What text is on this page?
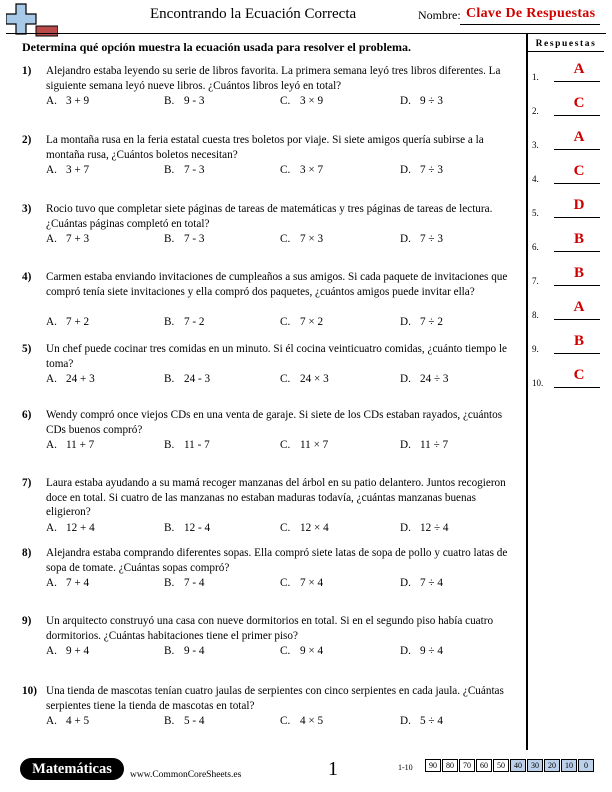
Encontrando la Ecuación Correcta	Nombre: Clave De Respuestas
Determina qué opción muestra la ecuación usada para resolver el problema.	Respuestas
1.	A
2.	C
3.	A
4.	C
5.	D
6.	B
7.	B
8.	A
9.	B
10.	C
1) Alejandro estaba leyendo su serie de libros favorita. La primera semana leyó tres libros diferentes. La siguiente semana leyó nueve libros. ¿Cuántos libros leyó en total?
A. 3 + 9	B. 9 - 3	C. 3 × 9	D. 9 ÷ 3
2) La montaña rusa en la feria estatal cuesta tres boletos por viaje. Si siete amigos quería subirse a la montaña rusa, ¿Cuántos boletos necesitan?
A. 3 + 7	B. 7 - 3	C. 3 × 7	D. 7 ÷ 3
3) Rocio tuvo que completar siete páginas de tareas de matemáticas y tres páginas de tareas de lectura. ¿Cuántas páginas completó en total?
A. 7 + 3	B. 7 - 3	C. 7 × 3	D. 7 ÷ 3
4) Carmen estaba enviando invitaciones de cumpleaños a sus amigos. Si cada paquete de invitaciones que compró tenía siete invitaciones y ella compró dos paquetes, ¿cuántos amigos puede invitar ella?
A. 7 + 2	B. 7 - 2	C. 7 × 2	D. 7 ÷ 2
5) Un chef puede cocinar tres comidas en un minuto. Si él cocina veinticuatro comidas, ¿cuánto tiempo le toma?
A. 24 + 3	B. 24 - 3	C. 24 × 3	D. 24 ÷ 3
6) Wendy compró once viejos CDs en una venta de garaje. Si siete de los CDs estaban rayados, ¿cuántos CDs buenos compró?
A. 11 + 7	B. 11 - 7	C. 11 × 7	D. 11 ÷ 7
7) Laura estaba ayudando a su mamá recoger manzanas del árbol en su patio delantero. Juntos recogieron doce en total. Si cuatro de las manzanas no estaban maduras todavía, ¿cuántas manzanas buenas eligieron?
A. 12 + 4	B. 12 - 4	C. 12 × 4	D. 12 ÷ 4
8) Alejandra estaba comprando diferentes sopas. Ella compró siete latas de sopa de pollo y cuatro latas de sopa de tomate. ¿Cuántas sopas compró?
A. 7 + 4	B. 7 - 4	C. 7 × 4	D. 7 ÷ 4
9) Un arquitecto construyó una casa con nueve dormitorios en total. Si en el segundo piso había cuatro dormitorios. ¿Cuántas habitaciones tiene el primer piso?
A. 9 + 4	B. 9 - 4	C. 9 × 4	D. 9 ÷ 4
10) Una tienda de mascotas tenían cuatro jaulas de serpientes con cinco serpientes en cada jaula. ¿Cuántas serpientes tiene la tienda de mascotas en total?
A. 4 + 5	B. 5 - 4	C. 4 × 5	D. 5 ÷ 4
Matemáticas	www.CommonCoreSheets.es	1	1-10	90	80	70	60	50	40	30	20	10	0
